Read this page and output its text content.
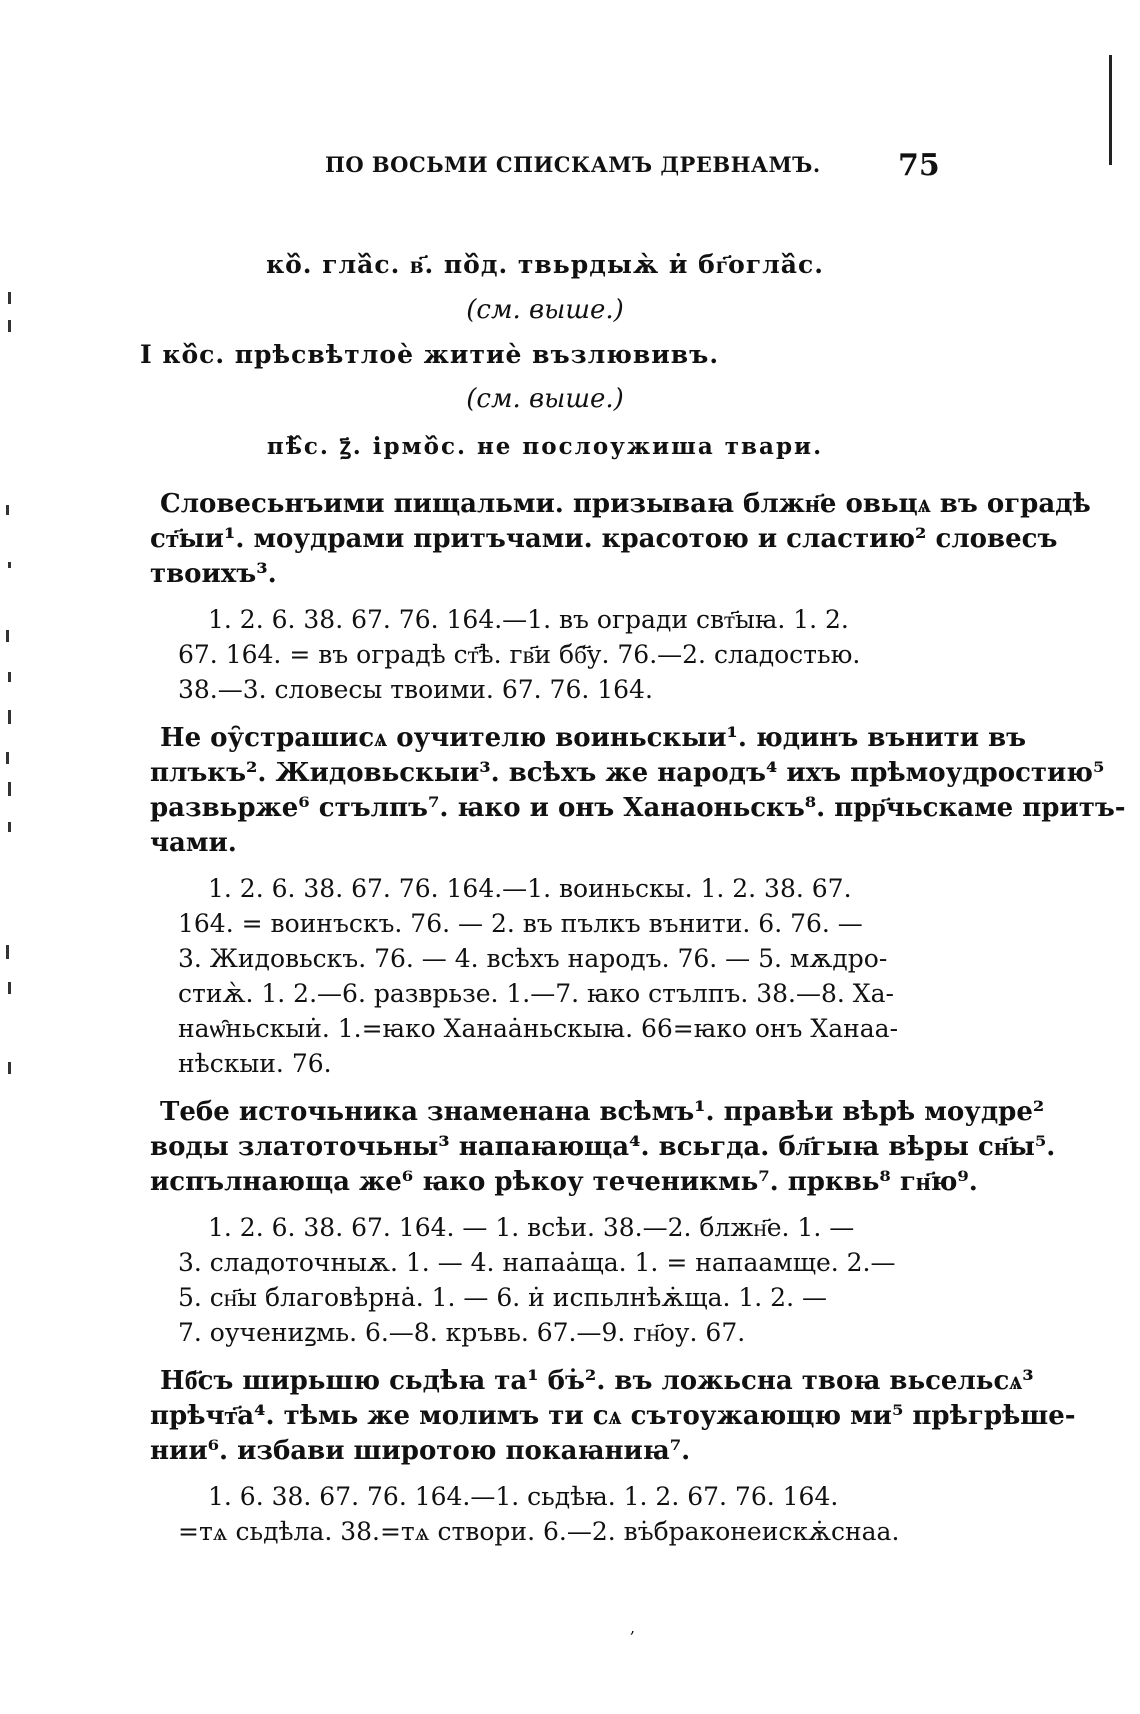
ПО ВОСЬМИ СПИСКАМЪ ДРЕВНАМЪ.	75
ко᷈. гла᷈с. в҃. по᷈д. твьрдыѫ̀ и̇ бг҃огла᷈с.
(см. выше.)
І ко᷈с. прѣсвѣтлоѐ житиѐ възлювивъ.
(см. выше.)
пѣ᷈с. ꙁ҃. ірмо᷈с. не послоужиша твари.
Словесьнъими пищальми. призываꙗ блжн҃е овьцѧ въ оградѣ
ст҃ыи¹. моудрами притъчами. красотою и сластию² словесъ
твоихъ³.
1. 2. 6. 38. 67. 76. 164.—1. въ огради свт҃ыꙗ. 1. 2.
67. 164. = въ оградѣ ст҃ѣ. гв҃и бб҃у. 76.—2. сладостью.
38.—3. словесы твоими. 67. 76. 164.
Не оу̑страшисѧ оучителю воиньскыи¹. юдинъ вънити въ
плъкъ². Жидовьскыи³. всѣхъ же народъ⁴ ихъ прѣмоудростию⁵
развьрже⁶ стълпъ⁷. ꙗко и онъ Ханаоньскъ⁸. прр҃чьскаме притъ-
чами.
1. 2. 6. 38. 67. 76. 164.—1. воиньскы. 1. 2. 38. 67.
164. = воинъскъ. 76. — 2. въ пълкъ вънити. 6. 76. —
3. Жидовьскъ. 76. — 4. всѣхъ народъ. 76. — 5. мѫдро-
стиѫ̀. 1. 2.—6. разврьзе. 1.—7. ꙗко стълпъ. 38.—8. Ха-
наѡ̑ньскыи̇. 1.=ꙗко Ханаа̇ньскыꙗ. 66=ꙗко онъ Ханаа-
нѣскыи. 76.
Тебе источьника знаменана всѣмъ¹. правѣи вѣрѣ моудре²
воды златоточьны³ напаꙗюща⁴. всьгда. бл҃гыꙗ вѣры сн҃ы⁵.
испълнающа же⁶ ꙗко рѣкоу теченикмь⁷. прквь⁸ гн҃ю⁹.
1. 2. 6. 38. 67. 164. — 1. всѣи. 38.—2. блжн҃е. 1. —
3. сладоточныѫ. 1. — 4. напаа̇ща. 1. = напаамще. 2.—
5. сн҃ы благовѣрна̇. 1. — 6. и̇ испьлнѣѫ̇ща. 1. 2. —
7. оучениꙁмь. 6.—8. кръвь. 67.—9. гн҃оу. 67.
Нб҃съ ширьшю сьдѣꙗ та¹ бъ̇². въ ложьсна твоꙗ вьсельсѧ³
прѣчт҃а⁴. тѣмь же молимъ ти сѧ сътоужающю ми⁵ прѣгрѣше-
нии⁶. избави широтою покаꙗниꙗ⁷.
1. 6. 38. 67. 76. 164.—1. сьдѣꙗ. 1. 2. 67. 76. 164.
=тѧ сьдѣла. 38.=тѧ створи. 6.—2. въ̇браконеискѫ̇снаа.
,
